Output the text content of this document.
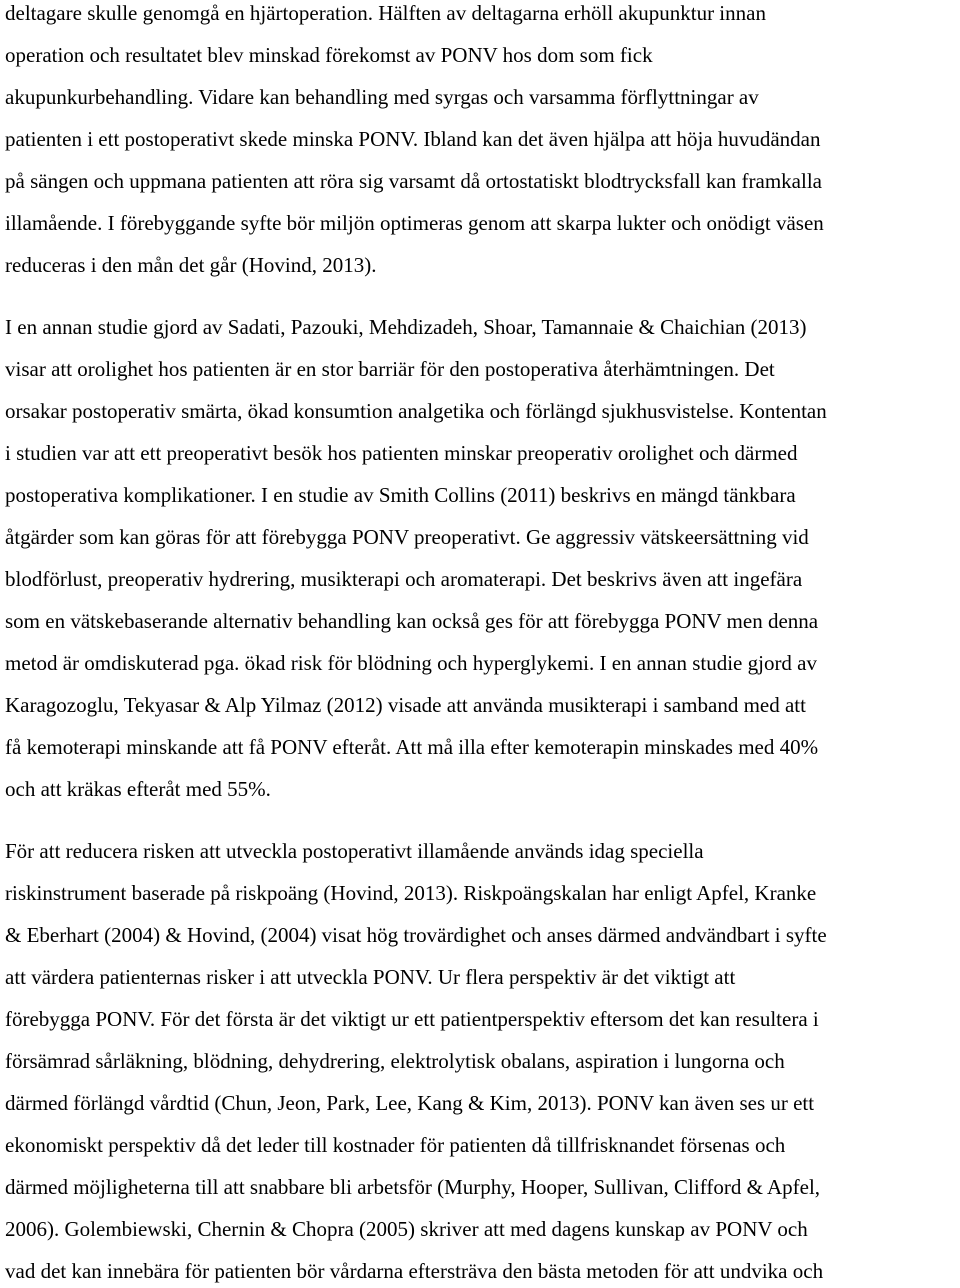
deltagare skulle genomgå en hjärtoperation. Hälften av deltagarna erhöll akupunktur innan
operation och resultatet blev minskad förekomst av PONV hos dom som fick
akupunkurbehandling. Vidare kan behandling med syrgas och varsamma förflyttningar av
patienten i ett postoperativt skede minska PONV. Ibland kan det även hjälpa att höja huvudändan
på sängen och uppmana patienten att röra sig varsamt då ortostatiskt blodtrycksfall kan framkalla
illamående. I förebyggande syfte bör miljön optimeras genom att skarpa lukter och onödigt väsen
reduceras i den mån det går (Hovind, 2013).
I en annan studie gjord av Sadati, Pazouki, Mehdizadeh, Shoar, Tamannaie & Chaichian (2013)
visar att orolighet hos patienten är en stor barriär för den postoperativa återhämtningen. Det
orsakar postoperativ smärta, ökad konsumtion analgetika och förlängd sjukhusvistelse. Kontentan
i studien var att ett preoperativt besök hos patienten minskar preoperativ orolighet och därmed
postoperativa komplikationer. I en studie av Smith Collins (2011) beskrivs en mängd tänkbara
åtgärder som kan göras för att förebygga PONV preoperativt. Ge aggressiv vätskeersättning vid
blodförlust, preoperativ hydrering, musikterapi och aromaterapi. Det beskrivs även att ingefära
som en vätskebaserande alternativ behandling kan också ges för att förebygga PONV men denna
metod är omdiskuterad pga. ökad risk för blödning och hyperglykemi. I en annan studie gjord av
Karagozoglu, Tekyasar & Alp Yilmaz (2012) visade att använda musikterapi i samband med att
få kemoterapi minskande att få PONV efteråt. Att må illa efter kemoterapin minskades med 40%
och att kräkas efteråt med 55%.
För att reducera risken att utveckla postoperativt illamående används idag speciella
riskinstrument baserade på riskpoäng (Hovind, 2013). Riskpoängskalan har enligt Apfel, Kranke
& Eberhart (2004) & Hovind, (2004) visat hög trovärdighet och anses därmed andvändbart i syfte
att värdera patienternas risker i att utveckla PONV. Ur flera perspektiv är det viktigt att
förebygga PONV. För det första är det viktigt ur ett patientperspektiv eftersom det kan resultera i
försämrad sårläkning, blödning, dehydrering, elektrolytisk obalans, aspiration i lungorna och
därmed förlängd vårdtid (Chun, Jeon, Park, Lee, Kang & Kim, 2013). PONV kan även ses ur ett
ekonomiskt perspektiv då det leder till kostnader för patienten då tillfrisknandet försenas och
därmed möjligheterna till att snabbare bli arbetsför (Murphy, Hooper, Sullivan, Clifford & Apfel,
2006). Golembiewski, Chernin & Chopra (2005) skriver att med dagens kunskap av PONV och
vad det kan innebära för patienten bör vårdarna eftersträva den bästa metoden för att undvika och
